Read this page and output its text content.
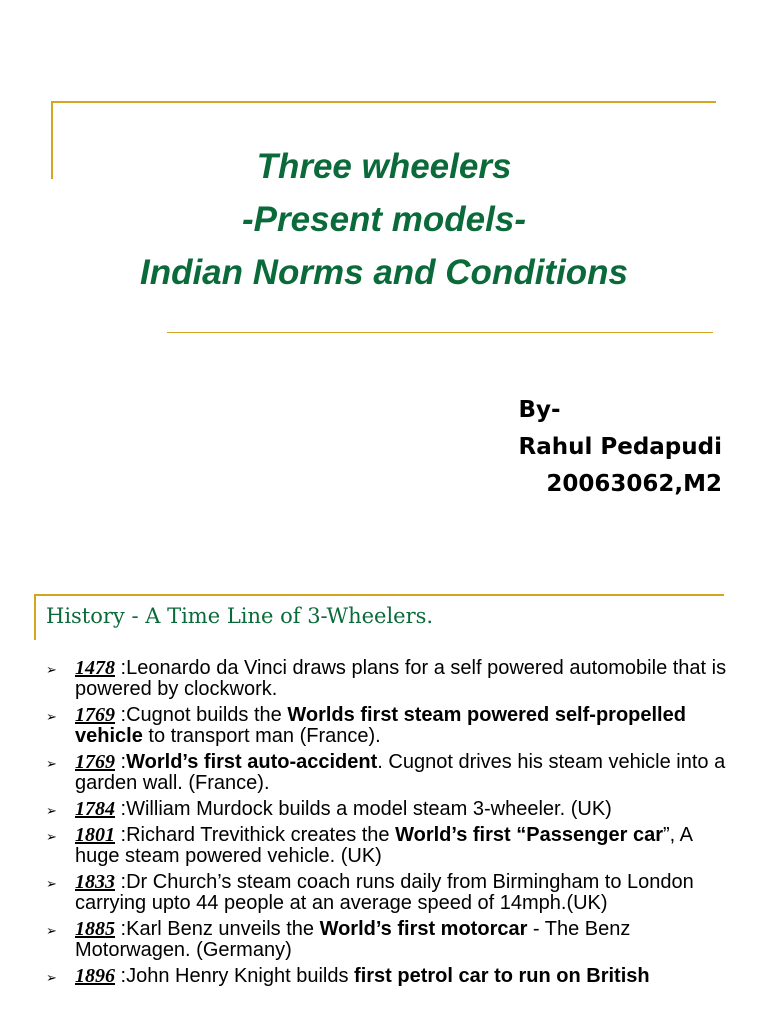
Three wheelers
-Present models-
Indian Norms and Conditions
By-
Rahul Pedapudi
20063062,M2
History - A Time Line of 3-Wheelers.
➢ 1478 :Leonardo da Vinci draws plans for a self powered automobile that is powered by clockwork.
➢ 1769 :Cugnot builds the Worlds first steam powered self-propelled vehicle to transport man (France).
➢ 1769 :World’s first auto-accident. Cugnot drives his steam vehicle into a garden wall. (France).
➢ 1784 :William Murdock builds a model steam 3-wheeler. (UK)
➢ 1801 :Richard Trevithick creates the World’s first “Passenger car”, A huge steam powered vehicle. (UK)
➢ 1833 :Dr Church’s steam coach runs daily from Birmingham to London carrying upto 44 people at an average speed of 14mph.(UK)
➢ 1885 :Karl Benz unveils the World’s first motorcar - The Benz Motorwagen. (Germany)
➢ 1896 :John Henry Knight builds first petrol car to run on British
